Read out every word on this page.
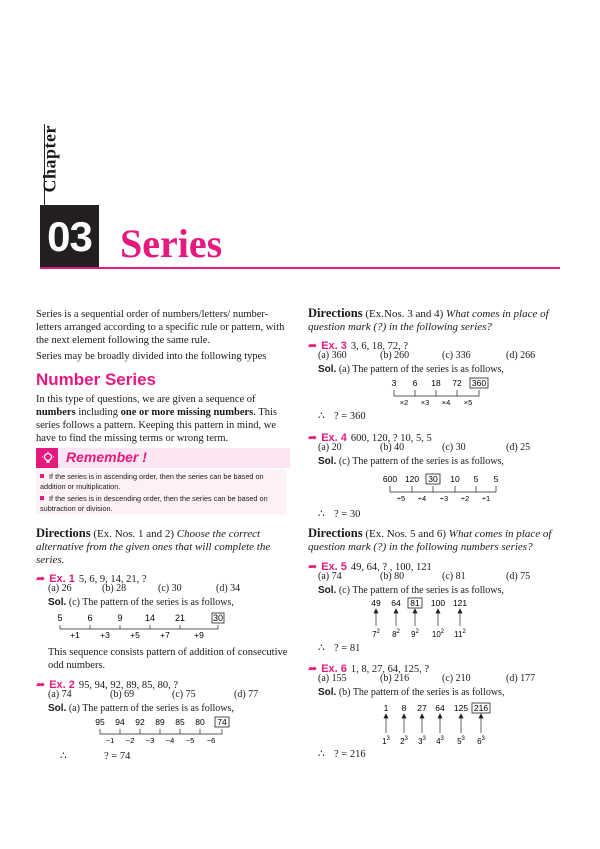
Chapter
03 Series

Series is a sequential order of numbers/letters/ number-letters arranged according to a specific rule or pattern, with the next element following the same rule.

Series may be broadly divided into the following types

Number Series
In this type of questions, we are given a sequence of numbers including one or more missing numbers. This series follows a pattern. Keeping this pattern in mind, we have to find the missing terms or wrong term.
Remember !
If the series is in ascending order, then the series can be based on addition or multiplication.
If the series is in descending order, then the series can be based on subtraction or division.
Directions (Ex. Nos. 1 and 2) Choose the correct alternative from the given ones that will complete the series.
➦ Ex. 1 5, 6, 9, 14, 21, ?
(a) 26	(b) 28	(c) 30	(d) 34
Sol. (c) The pattern of the series is as follows,
5	6	9 14 21	30
+1 +3 +5 +7	+9
This sequence consists pattern of addition of consecutive odd numbers.
➦ Ex. 2 95, 94, 92, 89, 85, 80, ?
(a) 74	(b) 69	(c) 75	(d) 77
Sol. (a) The pattern of the series is as follows,
95 94 92 89 85 80 74
−1 −2 −3 −4 −5 −6
∴	? = 74
Directions (Ex.Nos. 3 and 4) What comes in place of question mark (?) in the following series?
➦ Ex. 3 3, 6, 18, 72, ?
(a) 360	(b) 260	(c) 336	(d) 266
Sol. (a) The pattern of the series is as follows,
3 6 18 72 360
×2 ×3 ×4 ×5
∴ ? = 360
➦ Ex. 4 600, 120, ? 10, 5, 5
(a) 20	(b) 40	(c) 30	(d) 25
Sol. (c) The pattern of the series is as follows,
600 120 30 10 5 5
÷5 ÷4 ÷3 ÷2 ÷1
∴ ? = 30
Directions (Ex. Nos. 5 and 6) What comes in place of question mark (?) in the following numbers series?
➦ Ex. 5 49, 64, ? , 100, 121
(a) 74	(b) 80	(c) 81	(d) 75
Sol. (c) The pattern of the series is as follows,
49 64 81 100 121
$7^2$ $8^2$ $9^2$ $10^2$ $11^2$
∴ ? = 81
➦ Ex. 6 1, 8, 27, 64, 125, ?
(a) 155	(b) 216	(c) 210	(d) 177
Sol. (b) The pattern of the series is as follows,
1 8 27 64 125 216
$1^3$ $2^3$ $3^3$ $4^3$ $5^3$ $6^3$
∴ ? = 216
